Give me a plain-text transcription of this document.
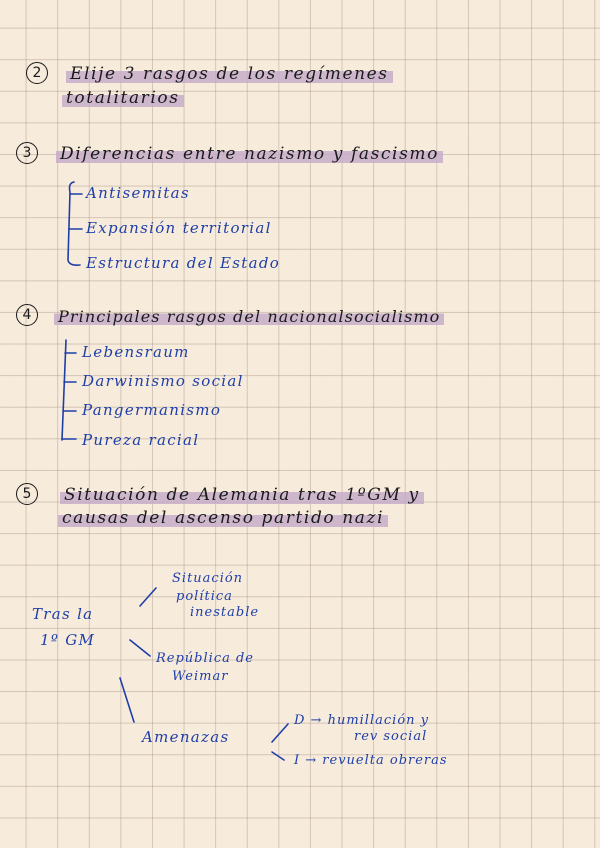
2	Elije 3 rasgos de los regímenes
totalitarios
3	Diferencias entre nazismo y fascismo
Antisemitas
Expansión territorial
Estructura del Estado
4	Principales rasgos del nacionalsocialismo
Lebensraum
Darwinismo social
Pangermanismo
Pureza racial
5	Situación de Alemania tras 1ºGM y
causas del ascenso partido nazi
Tras la
1º GM
Situación
política
inestable
República de
Weimar
Amenazas
D → humillación y
rev social
I → revuelta obreras
